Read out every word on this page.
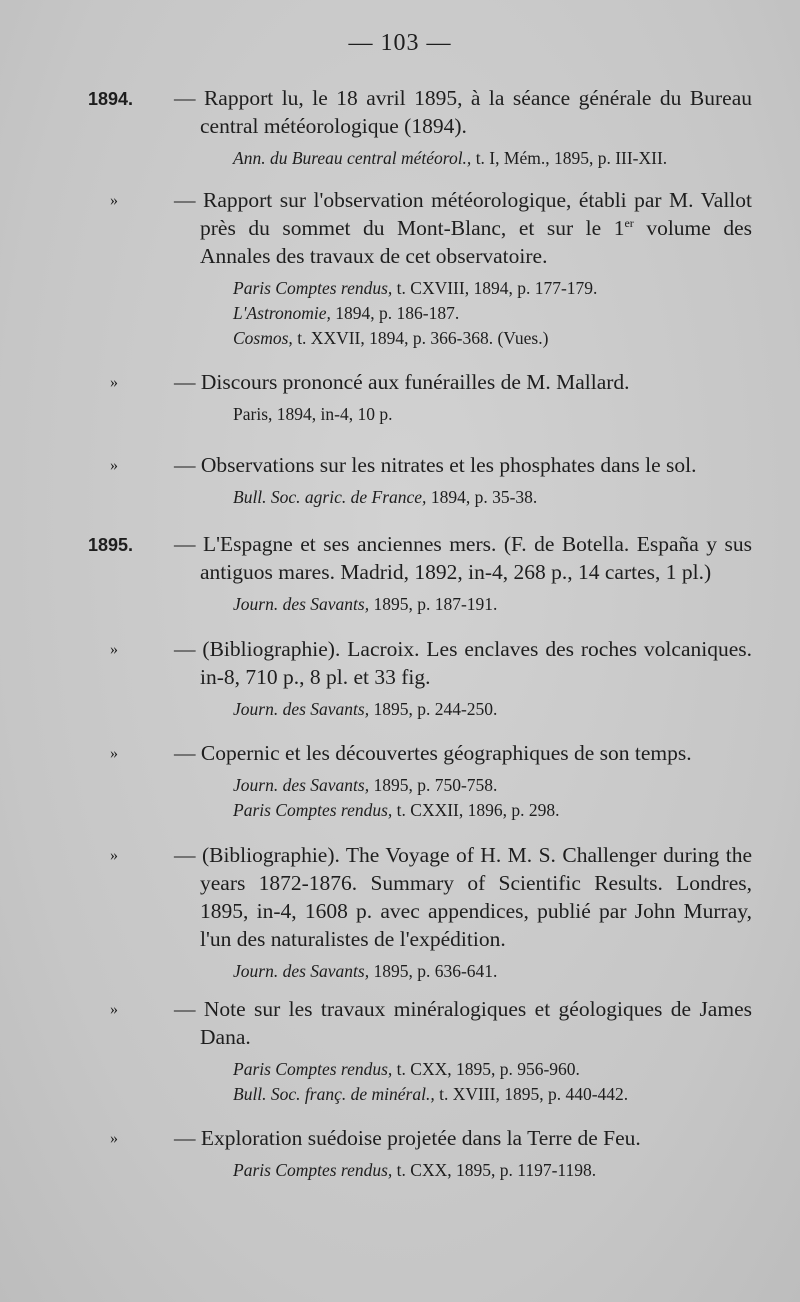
— 103 —
1894. — Rapport lu, le 18 avril 1895, à la séance générale du Bureau central météorologique (1894).
Ann. du Bureau central météorol., t. I, Mém., 1895, p. III-XII.
»	— Rapport sur l'observation météorologique, établi par M. Vallot près du sommet du Mont-Blanc, et sur le 1er volume des Annales des travaux de cet observatoire.
Paris Comptes rendus, t. CXVIII, 1894, p. 177-179.
L'Astronomie, 1894, p. 186-187.
Cosmos, t. XXVII, 1894, p. 366-368. (Vues.)
»	— Discours prononcé aux funérailles de M. Mallard.
Paris, 1894, in-4, 10 p.
»	— Observations sur les nitrates et les phosphates dans le sol.
Bull. Soc. agric. de France, 1894, p. 35-38.
1895. — L'Espagne et ses anciennes mers. (F. de Botella. España y sus antiguos mares. Madrid, 1892, in-4, 268 p., 14 cartes, 1 pl.)
Journ. des Savants, 1895, p. 187-191.
»	— (Bibliographie). Lacroix. Les enclaves des roches volcaniques. in-8, 710 p., 8 pl. et 33 fig.
Journ. des Savants, 1895, p. 244-250.
»	— Copernic et les découvertes géographiques de son temps.
Journ. des Savants, 1895, p. 750-758.
Paris Comptes rendus, t. CXXII, 1896, p. 298.
»	— (Bibliographie). The Voyage of H. M. S. Challenger during the years 1872-1876. Summary of Scientific Results. Londres, 1895, in-4, 1608 p. avec appendices, publié par John Murray, l'un des naturalistes de l'expédition.
Journ. des Savants, 1895, p. 636-641.
»	— Note sur les travaux minéralogiques et géologiques de James Dana.
Paris Comptes rendus, t. CXX, 1895, p. 956-960.
Bull. Soc. franç. de minéral., t. XVIII, 1895, p. 440-442.
»	— Exploration suédoise projetée dans la Terre de Feu.
Paris Comptes rendus, t. CXX, 1895, p. 1197-1198.
